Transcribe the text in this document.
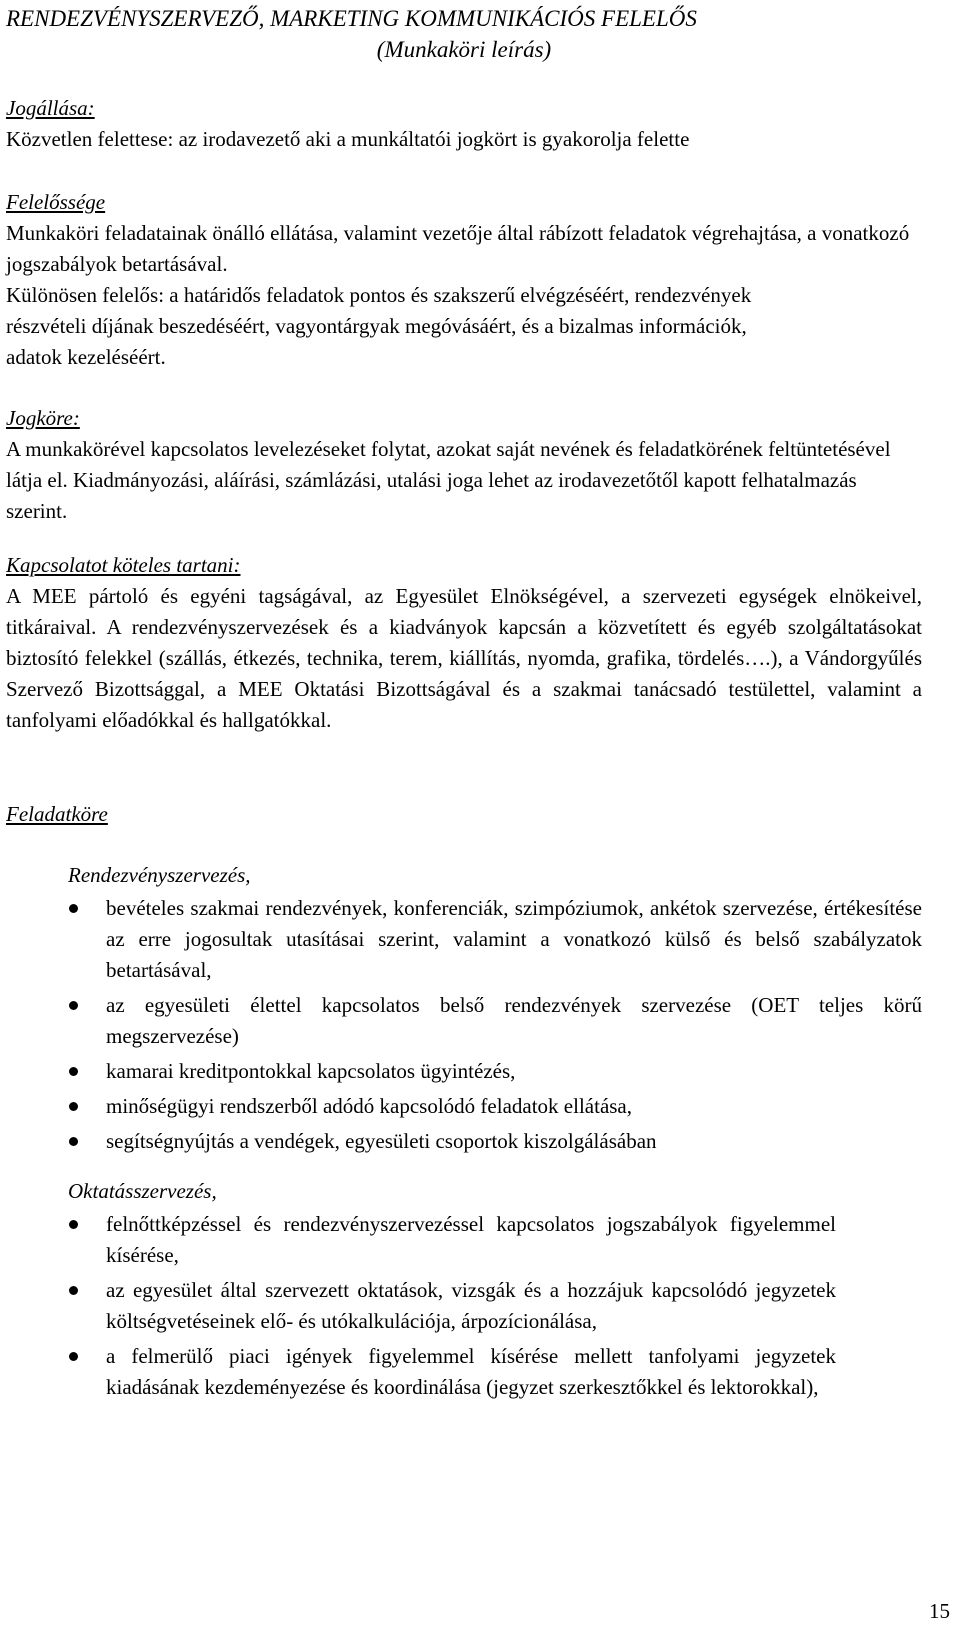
RENDEZVÉNYSZERVEZŐ, MARKETING KOMMUNIKÁCIÓS FELELŐS
(Munkaköri leírás)
Jogállása:
Közvetlen felettese: az irodavezető aki a munkáltatói jogkört is gyakorolja felette
Felelőssége
Munkaköri feladatainak önálló ellátása, valamint vezetője által rábízott feladatok végrehajtása, a vonatkozó jogszabályok betartásával.
Különösen felelős: a határidős feladatok pontos és szakszerű elvégzéséért, rendezvények részvételi díjának beszedéséért, vagyontárgyak megóvásáért, és a bizalmas információk, adatok kezeléséért.
Jogköre:
A munkakörével kapcsolatos levelezéseket folytat, azokat saját nevének és feladatkörének feltüntetésével látja el. Kiadmányozási, aláírási, számlázási, utalási joga lehet az irodavezetőtől kapott felhatalmazás szerint.
Kapcsolatot köteles tartani:
A MEE pártoló és egyéni tagságával, az Egyesület Elnökségével, a szervezeti egységek elnökeivel, titkáraival. A rendezvényszervezések és a kiadványok kapcsán a közvetített és egyéb szolgáltatásokat biztosító felekkel (szállás, étkezés, technika, terem, kiállítás, nyomda, grafika, tördelés….), a Vándorgyűlés Szervező Bizottsággal, a MEE Oktatási Bizottságával és a szakmai tanácsadó testülettel, valamint a tanfolyami előadókkal és hallgatókkal.
Feladatköre
Rendezvényszervezés,
bevételes szakmai rendezvények, konferenciák, szimpóziumok, ankétok szervezése, értékesítése az erre jogosultak utasításai szerint, valamint a vonatkozó külső és belső szabályzatok betartásával,
az egyesületi élettel kapcsolatos belső rendezvények szervezése (OET teljes körű megszervezése)
kamarai kreditpontokkal kapcsolatos ügyintézés,
minőségügyi rendszerből adódó kapcsolódó feladatok ellátása,
segítségnyújtás a vendégek, egyesületi csoportok kiszolgálásában
Oktatásszervezés,
felnőttképzéssel és rendezvényszervezéssel kapcsolatos jogszabályok figyelemmel kísérése,
az egyesület által szervezett oktatások, vizsgák és a hozzájuk kapcsolódó jegyzetek költségvetéseinek elő- és utókalkulációja, árpozícionálása,
a felmerülő piaci igények figyelemmel kísérése mellett tanfolyami jegyzetek kiadásának kezdeményezése és koordinálása (jegyzet szerkesztőkkel és lektorokkal),
15
